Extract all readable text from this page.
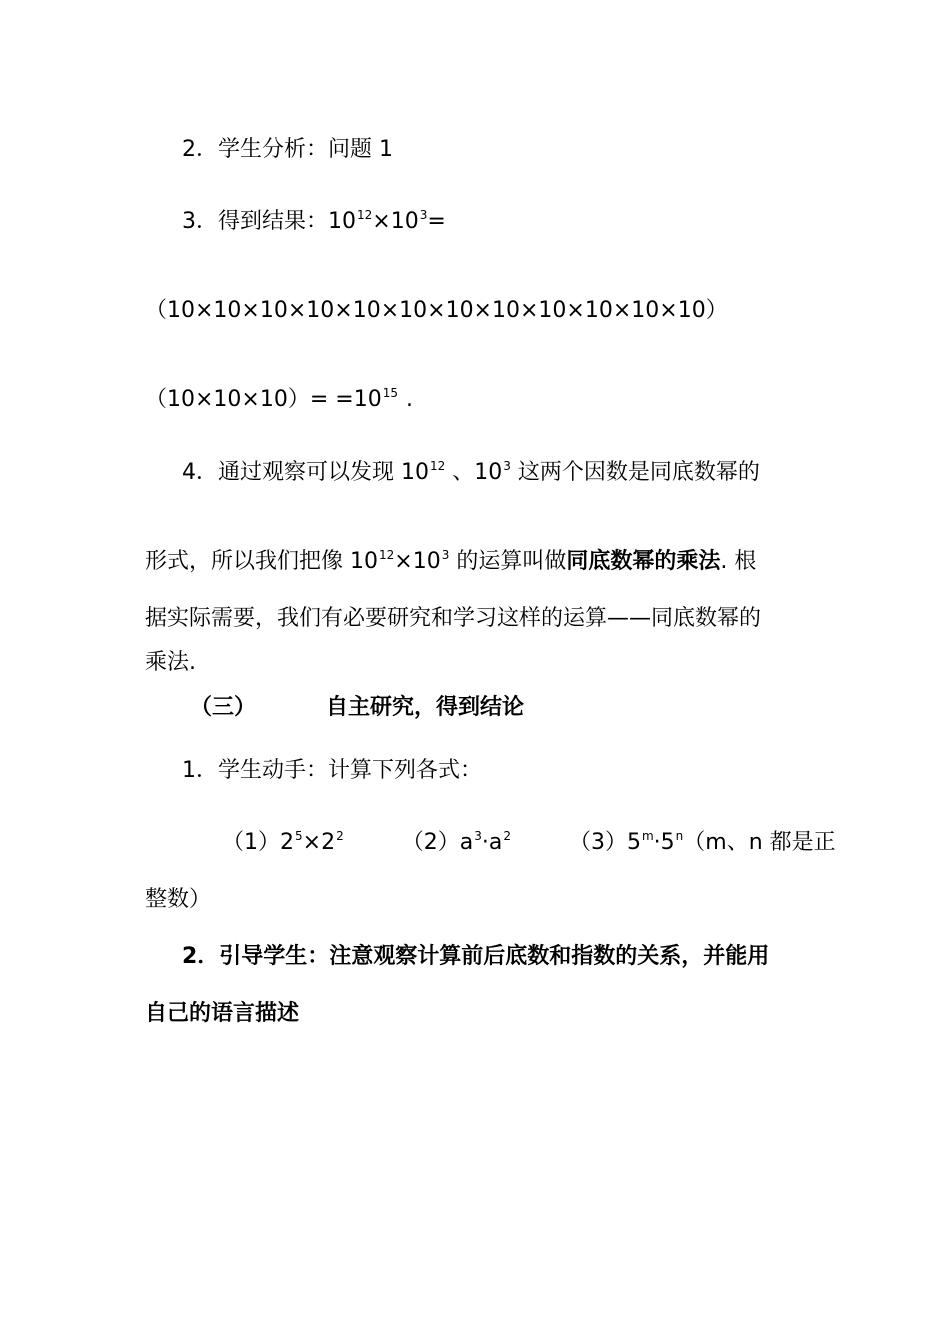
2．学生分析：问题 1
3．得到结果：$10^{12}\times 10^3=$
（10×10×10×10×10×10×10×10×10×10×10×10）
$(10\times 10\times 10)= =10^{15}$ .
4．通过观察可以发现 $10^{12}$ 、$10^3$ 这两个因数是同底数幂的
形式，所以我们把像 $10^{12}\times 10^3$ 的运算叫做同底数幂的乘法. 根
据实际需要，我们有必要研究和学习这样的运算——同底数幂的
乘法.
（三）	自主研究，得到结论
1．学生动手：计算下列各式：
$(1)2^5\times 2^2$	$(2)a^3\cdot a^2$	$(3)5^m\cdot 5^n(m$、n 都是正
整数）
2．引导学生：注意观察计算前后底数和指数的关系，并能用
自己的语言描述
